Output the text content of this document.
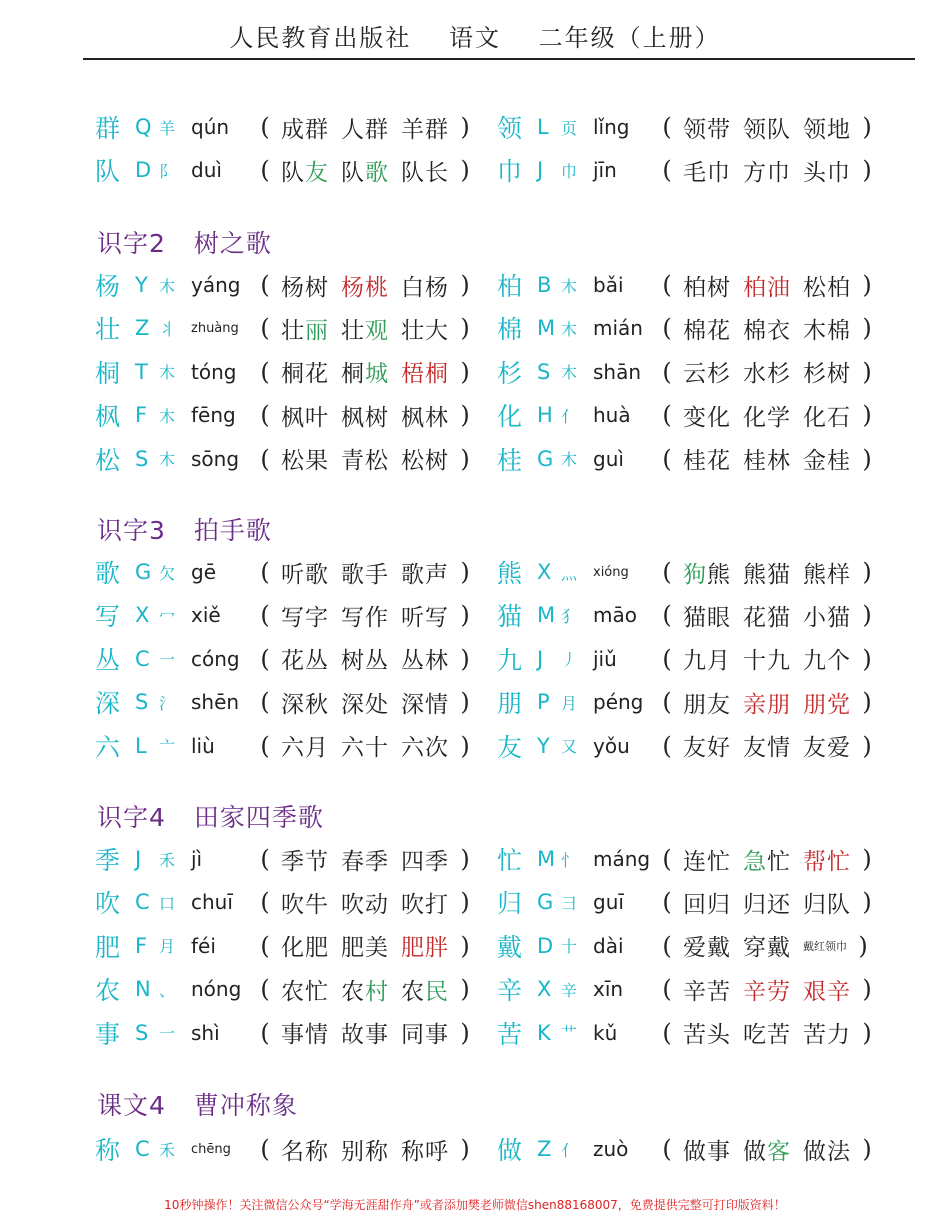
人民教育出版社 语文 二年级（上册）
群 Q 羊 qún	( 成群 人群 羊群 ) 领 L 页 lǐng	( 领带 领队 领地 )
队 D 阝 duì	( 队友 队歌 队长 ) 巾 J	巾 jīn	( 毛巾 方巾 头巾 )
识字2 树之歌
杨 Y 木 yáng ( 杨树 杨桃 白杨 ) 柏 B 木 bǎi	( 柏树 柏油 松柏 )
壮 Z 丬	zhuàng ( 壮丽 壮观 壮大 ) 棉 M 木 mián ( 棉花 棉衣 木棉 )
桐 T 木 tóng ( 桐花 桐城 梧桐 ) 杉 S 木 shān ( 云杉 水杉 杉树 )
枫 F 木 fēng	( 枫叶 枫树 枫林 ) 化 H 亻 huà	( 变化 化学 化石 )
松 S 木 sōng ( 松果 青松 松树 ) 桂 G 木 guì	( 桂花 桂林 金桂 )
识字3 拍手歌
歌 G 欠 gē	( 听歌 歌手 歌声 ) 熊 X 灬	xióng	( 狗熊 熊猫 熊样 )
写 X 冖 xiě	( 写字 写作 听写 ) 猫 M 犭 māo	( 猫眼 花猫 小猫 )
丛 C 一 cóng ( 花丛 树丛 丛林 ) 九 J	丿 jiǔ	( 九月 十九 九个 )
深 S 氵 shēn ( 深秋 深处 深情 ) 朋 P 月 péng ( 朋友 亲朋 朋党 )
六 L 亠 liù	( 六月 六十 六次 ) 友 Y 又 yǒu	( 友好 友情 友爱 )
识字4 田家四季歌
季 J	禾 jì	( 季节 春季 四季 ) 忙 M 忄 máng ( 连忙 急忙 帮忙 )
吹 C 口 chuī	( 吹牛 吹动 吹打 ) 归 G 彐 guī	( 回归 归还 归队 )
肥 F 月 féi	( 化肥 肥美 肥胖 ) 戴 D 十 dài	( 爱戴 穿戴 戴红领巾 )
农 N 、 nóng ( 农忙 农村 农民 ) 辛 X 辛 xīn	( 辛苦 辛劳 艰辛 )
事 S 一 shì	( 事情 故事 同事 ) 苦 K 艹 kǔ	( 苦头 吃苦 苦力 )
课文4 曹冲称象
称 C 禾	chēng	( 名称 别称 称呼 ) 做 Z 亻 zuò	( 做事 做客 做法 )
10秒钟操作！关注微信公众号“学海无涯甜作舟”或者添加樊老师微信shen88168007，免费提供完整可打印版资料！
